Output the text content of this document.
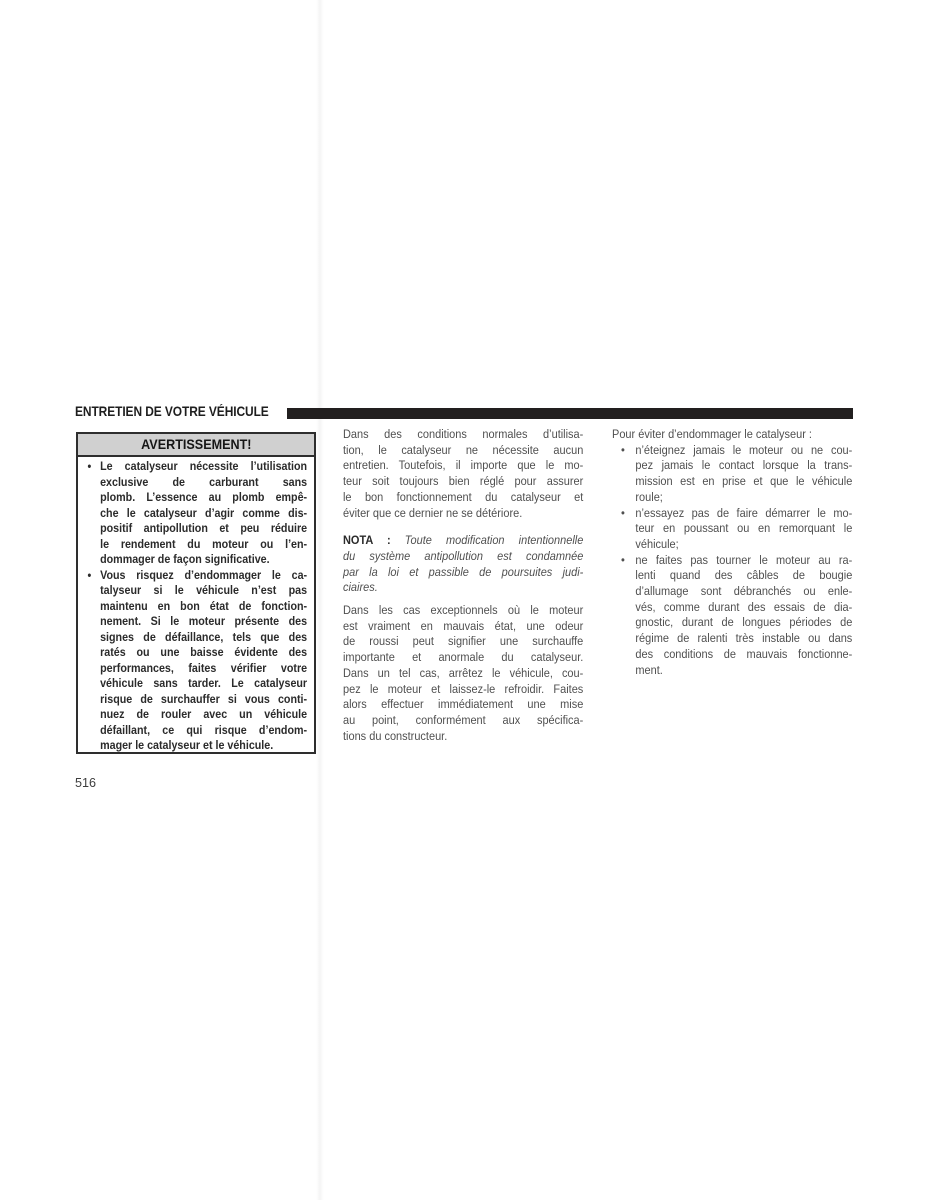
ENTRETIEN DE VOTRE VÉHICULE
AVERTISSEMENT!
• Le catalyseur nécessite l’utilisation
exclusive de carburant sans
plomb. L’essence au plomb empê-
che le catalyseur d’agir comme dis-
positif antipollution et peu réduire
le rendement du moteur ou l’en-
dommager de façon significative.
• Vous risquez d’endommager le ca-
talyseur si le véhicule n’est pas
maintenu en bon état de fonction-
nement. Si le moteur présente des
signes de défaillance, tels que des
ratés ou une baisse évidente des
performances, faites vérifier votre
véhicule sans tarder. Le catalyseur
risque de surchauffer si vous conti-
nuez de rouler avec un véhicule
défaillant, ce qui risque d’endom-
mager le catalyseur et le véhicule.
Dans des conditions normales d’utilisa-
tion, le catalyseur ne nécessite aucun
entretien. Toutefois, il importe que le mo-
teur soit toujours bien réglé pour assurer
le bon fonctionnement du catalyseur et
éviter que ce dernier ne se détériore.
NOTA : Toute modification intentionnelle
du système antipollution est condamnée
par la loi et passible de poursuites judi-
ciaires.
Dans les cas exceptionnels où le moteur
est vraiment en mauvais état, une odeur
de roussi peut signifier une surchauffe
importante et anormale du catalyseur.
Dans un tel cas, arrêtez le véhicule, cou-
pez le moteur et laissez-le refroidir. Faites
alors effectuer immédiatement une mise
au point, conformément aux spécifica-
tions du constructeur.
Pour éviter d’endommager le catalyseur :
• n’éteignez jamais le moteur ou ne cou-
pez jamais le contact lorsque la trans-
mission est en prise et que le véhicule
roule;
• n’essayez pas de faire démarrer le mo-
teur en poussant ou en remorquant le
véhicule;
• ne faites pas tourner le moteur au ra-
lenti quand des câbles de bougie
d’allumage sont débranchés ou enle-
vés, comme durant des essais de dia-
gnostic, durant de longues périodes de
régime de ralenti très instable ou dans
des conditions de mauvais fonctionne-
ment.
516
